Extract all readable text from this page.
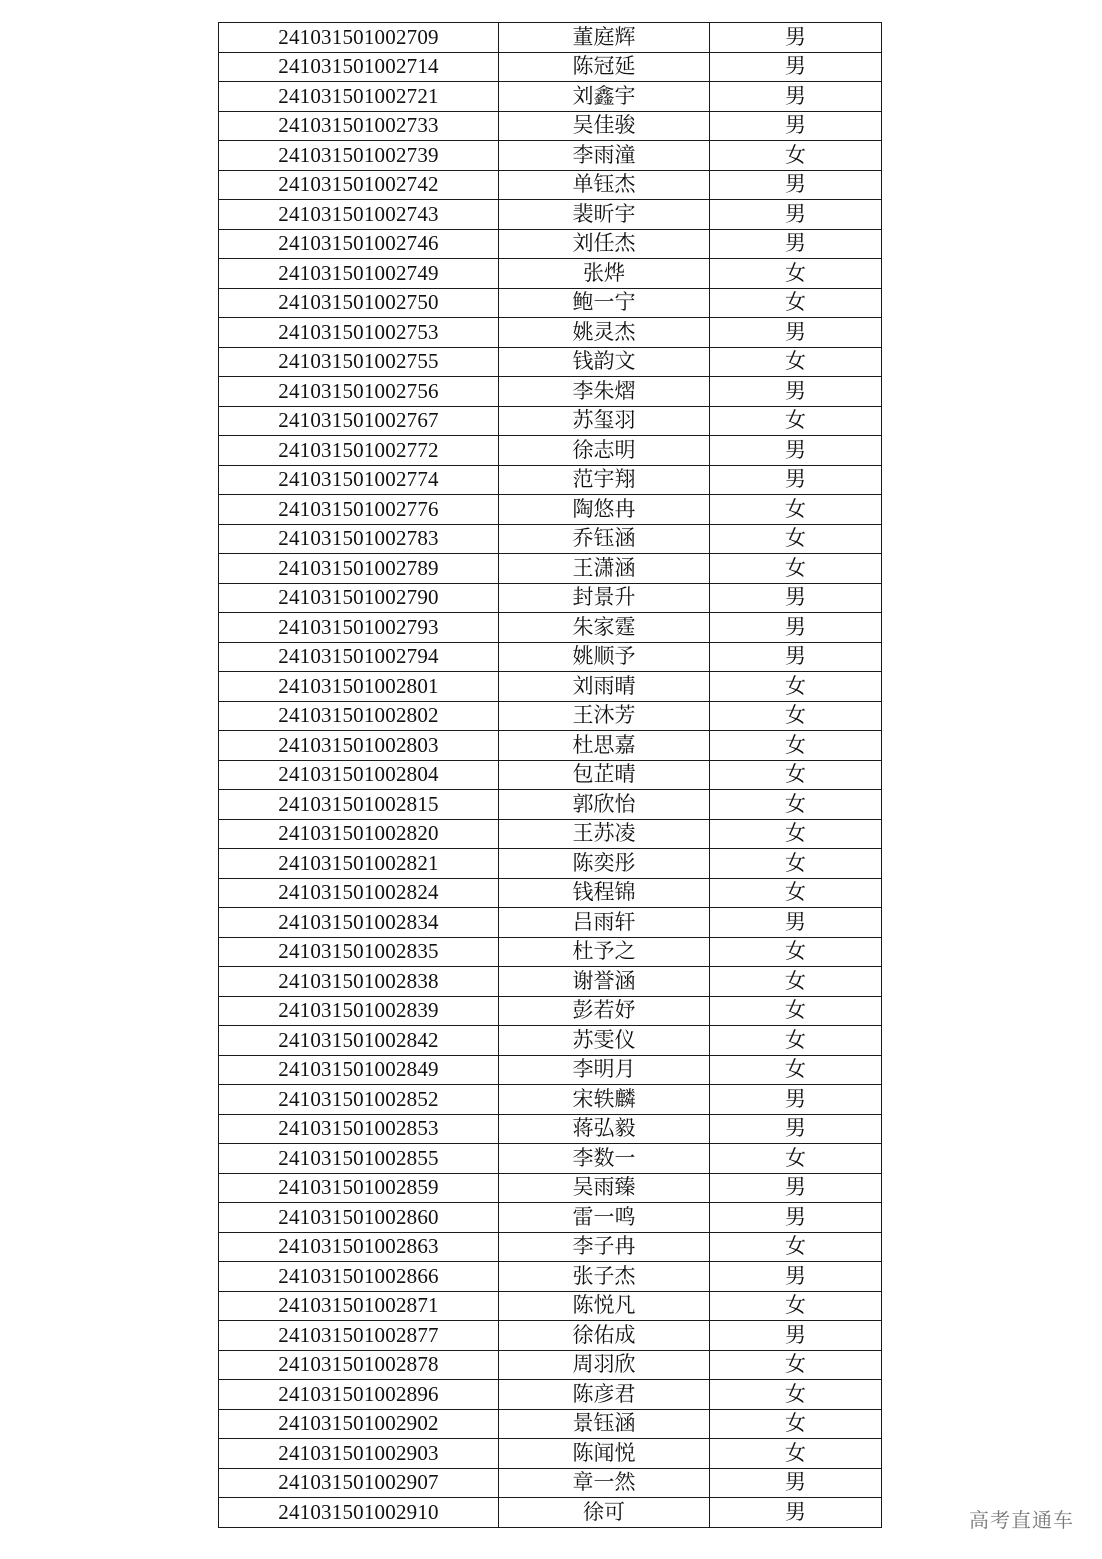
241031501002709	董庭辉	男
241031501002714	陈冠延	男
241031501002721	刘鑫宇	男
241031501002733	吴佳骏	男
241031501002739	李雨潼	女
241031501002742	单钰杰	男
241031501002743	裴昕宇	男
241031501002746	刘任杰	男
241031501002749	张烨	女
241031501002750	鲍一宁	女
241031501002753	姚灵杰	男
241031501002755	钱韵文	女
241031501002756	李朱熠	男
241031501002767	苏玺羽	女
241031501002772	徐志明	男
241031501002774	范宇翔	男
241031501002776	陶悠冉	女
241031501002783	乔钰涵	女
241031501002789	王潇涵	女
241031501002790	封景升	男
241031501002793	朱家霆	男
241031501002794	姚顺予	男
241031501002801	刘雨晴	女
241031501002802	王沐芳	女
241031501002803	杜思嘉	女
241031501002804	包芷晴	女
241031501002815	郭欣怡	女
241031501002820	王苏凌	女
241031501002821	陈奕彤	女
241031501002824	钱程锦	女
241031501002834	吕雨轩	男
241031501002835	杜予之	女
241031501002838	谢誉涵	女
241031501002839	彭若妤	女
241031501002842	苏雯仪	女
241031501002849	李明月	女
241031501002852	宋轶麟	男
241031501002853	蒋弘毅	男
241031501002855	李数一	女
241031501002859	吴雨臻	男
241031501002860	雷一鸣	男
241031501002863	李子冉	女
241031501002866	张子杰	男
241031501002871	陈悦凡	女
241031501002877	徐佑成	男
241031501002878	周羽欣	女
241031501002896	陈彦君	女
241031501002902	景钰涵	女
241031501002903	陈闻悦	女
241031501002907	章一然	男
241031501002910	徐可	男	高考直通车
